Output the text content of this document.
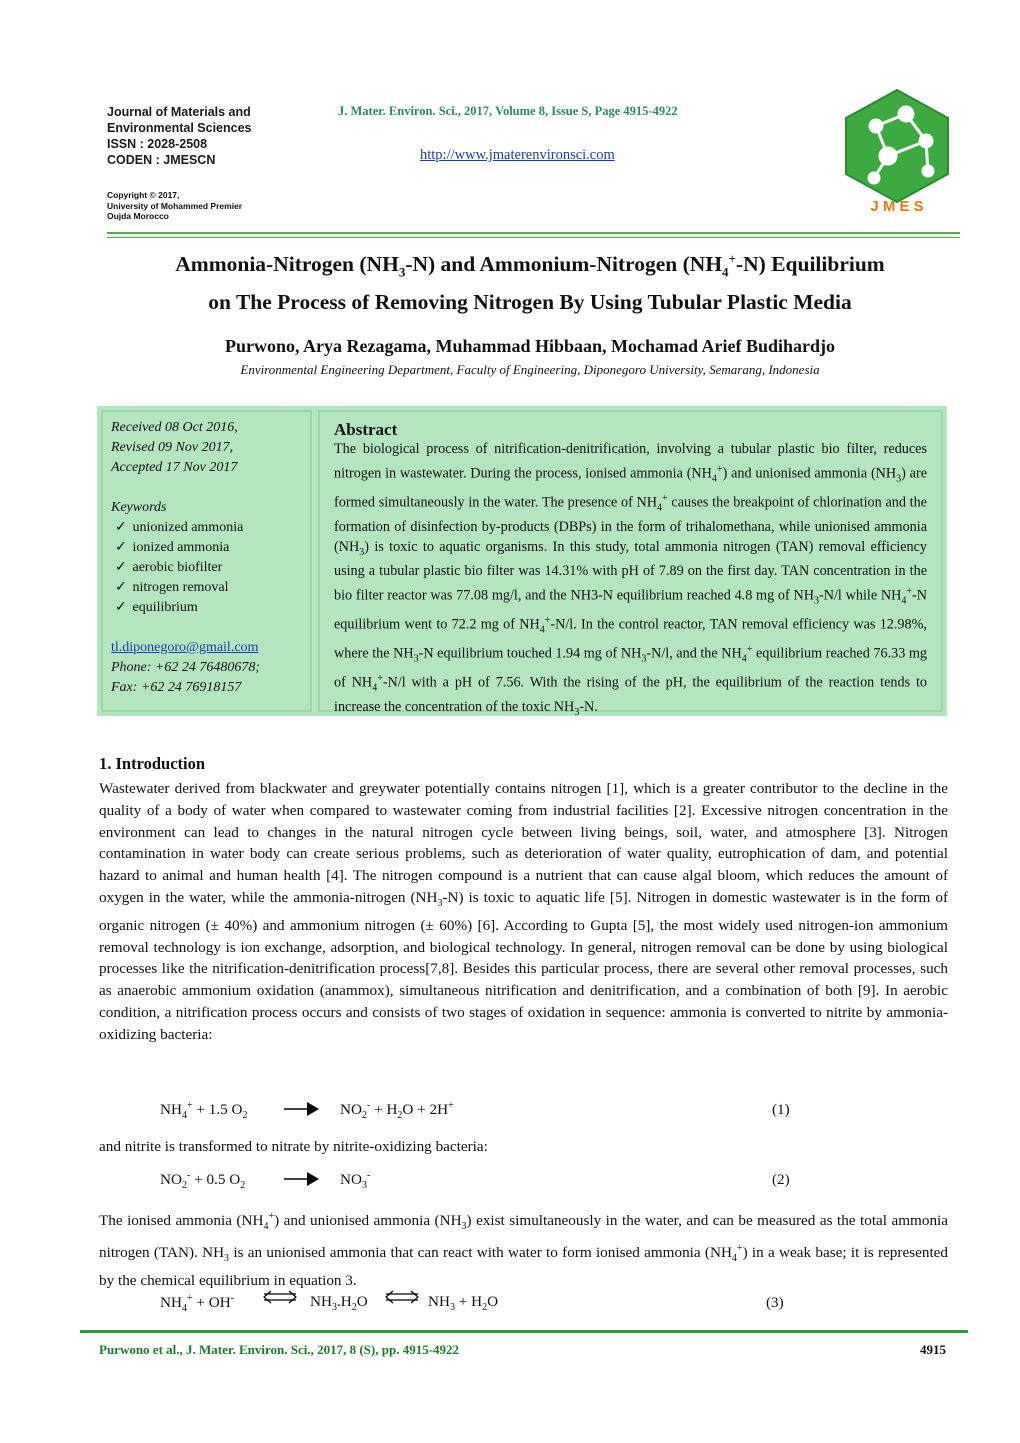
Journal of Materials and
Environmental Sciences
ISSN : 2028-2508
CODEN : JMESCN
Copyright © 2017,
University of Mohammed Premier
Oujda Morocco
J. Mater. Environ. Sci., 2017, Volume 8, Issue S, Page 4915-4922
http://www.jmaterenvironsci.com
J M E S
Ammonia-Nitrogen $(NH_3-N)$ and Ammonium-Nitrogen $(NH_4^+-N)$ Equilibrium
on The Process of Removing Nitrogen By Using Tubular Plastic Media
Purwono, Arya Rezagama, Muhammad Hibbaan, Mochamad Arief Budihardjo
Environmental Engineering Department, Faculty of Engineering, Diponegoro University, Semarang, Indonesia
Received 08 Oct 2016,
Revised 09 Nov 2017,
Accepted 17 Nov 2017
Keywords
✓ unionized ammonia
✓ ionized ammonia
✓ aerobic biofilter
✓ nitrogen removal
✓ equilibrium
tl.diponegoro@gmail.com
Phone: +62 24 76480678;
Fax: +62 24 76918157
Abstract
The biological process of nitrification-denitrification, involving a tubular plastic bio filter, reduces nitrogen in wastewater. During the process, ionised ammonia $(NH_4^+)$ and unionised ammonia $(NH_3)$ are formed simultaneously in the water. The presence of $NH_4^+$ causes the breakpoint of chlorination and the formation of disinfection by-products (DBPs) in the form of trihalomethana, while unionised ammonia $(NH_3)$ is toxic to aquatic organisms. In this study, total ammonia nitrogen (TAN) removal efficiency using a tubular plastic bio filter was 14.31% with pH of 7.89 on the first day. TAN concentration in the bio filter reactor was 77.08 mg/l, and the NH3-N equilibrium reached 4.8 mg of $NH_3-N/l$ while $NH_4^+-N$ equilibrium went to 72.2 mg of $NH_4^+-N/l$. In the control reactor, TAN removal efficiency was 12.98%, where the $NH_3-N$ equilibrium touched 1.94 mg of $NH_3-N/l$, and the $NH_4^+$ equilibrium reached 76.33 mg of $NH_4^+-N/l$ with a pH of 7.56. With the rising of the pH, the equilibrium of the reaction tends to increase the concentration of the toxic $NH_3-N$.
1. Introduction
Wastewater derived from blackwater and greywater potentially contains nitrogen [1], which is a greater contributor to the decline in the quality of a body of water when compared to wastewater coming from industrial facilities [2]. Excessive nitrogen concentration in the environment can lead to changes in the natural nitrogen cycle between living beings, soil, water, and atmosphere [3]. Nitrogen contamination in water body can create serious problems, such as deterioration of water quality, eutrophication of dam, and potential hazard to animal and human health [4]. The nitrogen compound is a nutrient that can cause algal bloom, which reduces the amount of oxygen in the water, while the ammonia-nitrogen $(NH_3-N)$ is toxic to aquatic life [5]. Nitrogen in domestic wastewater is in the form of organic nitrogen (± 40%) and ammonium nitrogen (± 60%) [6]. According to Gupta [5], the most widely used nitrogen-ion ammonium removal technology is ion exchange, adsorption, and biological technology. In general, nitrogen removal can be done by using biological processes like the nitrification-denitrification process[7,8]. Besides this particular process, there are several other removal processes, such as anaerobic ammonium oxidation (anammox), simultaneous nitrification and denitrification, and a combination of both [9]. In aerobic condition, a nitrification process occurs and consists of two stages of oxidation in sequence: ammonia is converted to nitrite by ammonia-oxidizing bacteria:
$NH_4^+ + 1.5$ $O_2$	$NO_2^- + H_2O + 2H^+$	(1)
and nitrite is transformed to nitrate by nitrite-oxidizing bacteria:
$NO_2^- + 0.5$ $O_2$	$NO_3^-$	(2)
The ionised ammonia $(NH_4^+)$ and unionised ammonia $(NH_3)$ exist simultaneously in the water, and can be measured as the total ammonia nitrogen (TAN). $NH_3$ is an unionised ammonia that can react with water to form ionised ammonia $(NH_4^+)$ in a weak base; it is represented by the chemical equilibrium in equation 3.
$NH_4^+ + OH^-$ ⇌ $NH_3.H_2O$ ⇌ $NH_3 + H_2O$	(3)
Purwono et al., J. Mater. Environ. Sci., 2017, 8 (S), pp. 4915-4922	4915
